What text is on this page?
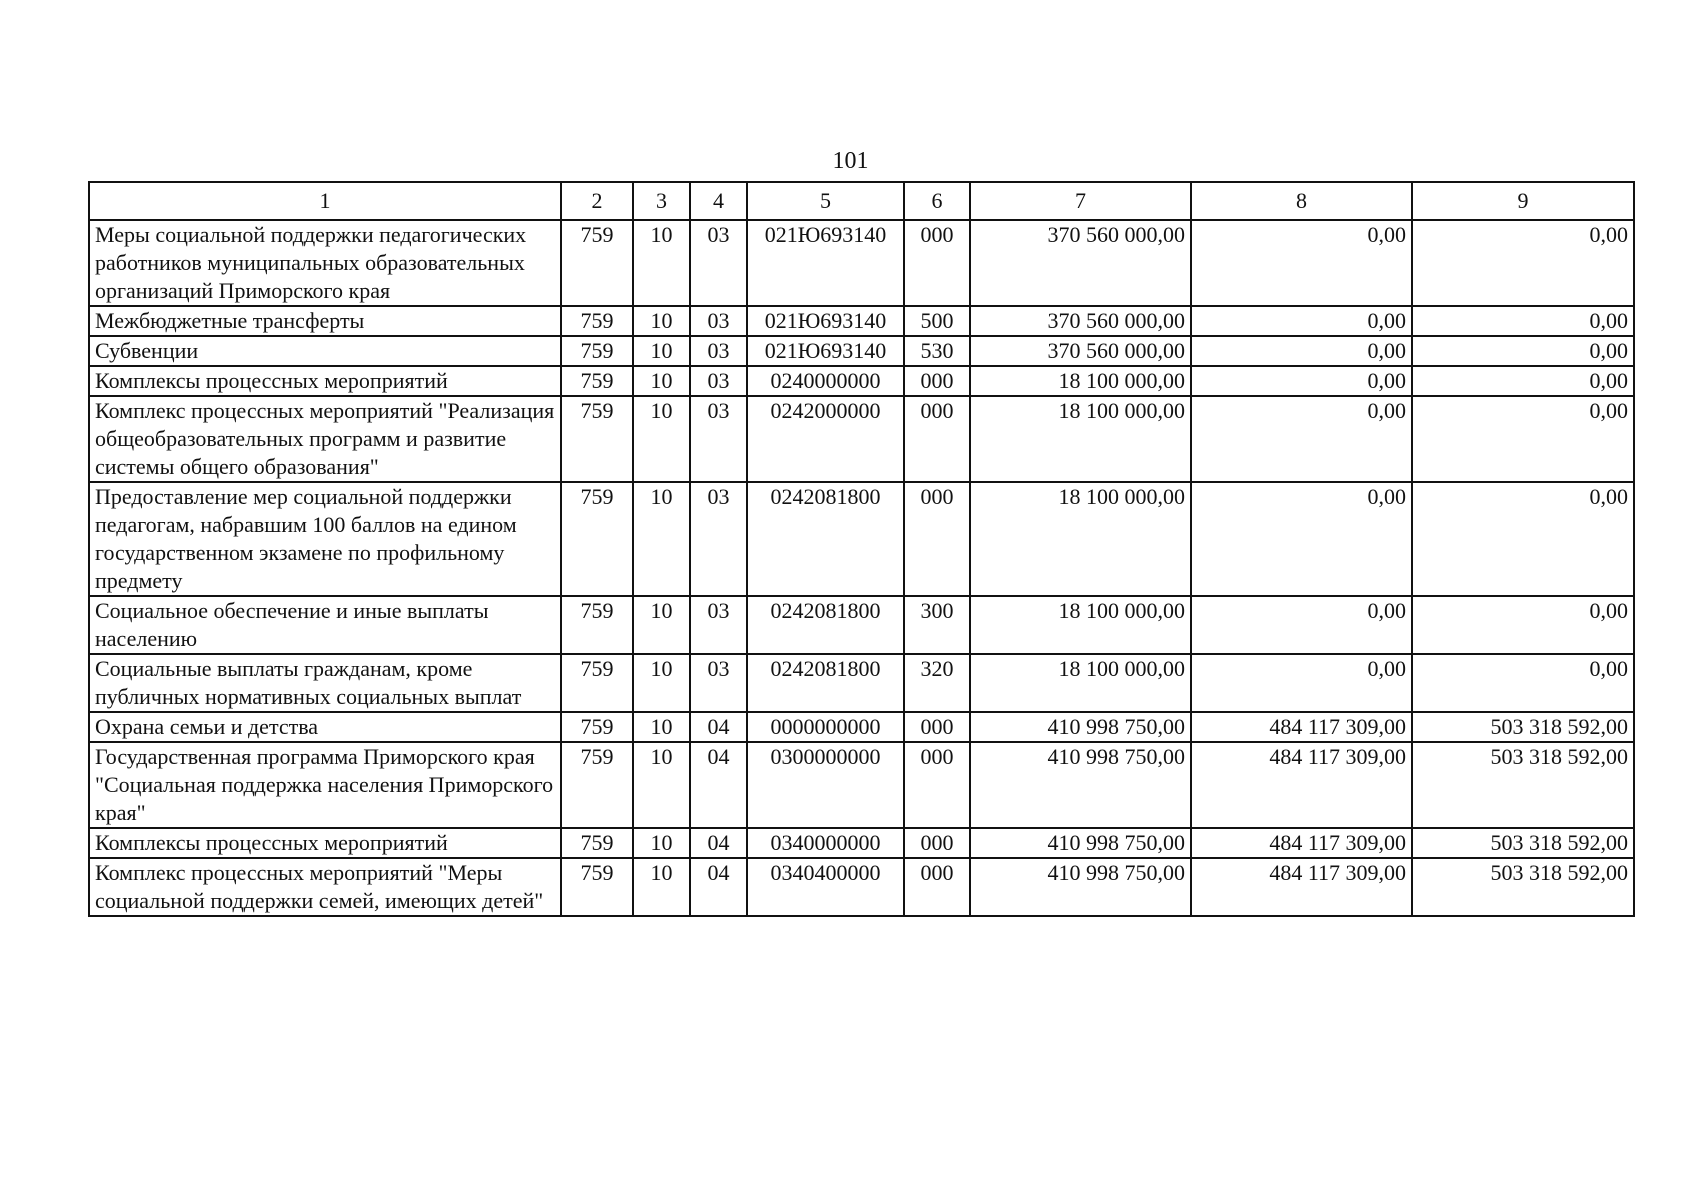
101
1	2	3	4	5	6	7	8	9
Меры социальной поддержки педагогических работников муниципальных образовательных организаций Приморского края	759	10	03	021Ю693140	000	370 560 000,00	0,00	0,00
Межбюджетные трансферты	759	10	03	021Ю693140	500	370 560 000,00	0,00	0,00
Субвенции	759	10	03	021Ю693140	530	370 560 000,00	0,00	0,00
Комплексы процессных мероприятий	759	10	03	0240000000	000	18 100 000,00	0,00	0,00
Комплекс процессных мероприятий "Реализация общеобразовательных программ и развитие системы общего образования"	759	10	03	0242000000	000	18 100 000,00	0,00	0,00
Предоставление мер социальной поддержки педагогам, набравшим 100 баллов на едином государственном экзамене по профильному предмету	759	10	03	0242081800	000	18 100 000,00	0,00	0,00
Социальное обеспечение и иные выплаты населению	759	10	03	0242081800	300	18 100 000,00	0,00	0,00
Социальные выплаты гражданам, кроме публичных нормативных социальных выплат	759	10	03	0242081800	320	18 100 000,00	0,00	0,00
Охрана семьи и детства	759	10	04	0000000000	000	410 998 750,00	484 117 309,00	503 318 592,00
Государственная программа Приморского края "Социальная поддержка населения Приморского края"	759	10	04	0300000000	000	410 998 750,00	484 117 309,00	503 318 592,00
Комплексы процессных мероприятий	759	10	04	0340000000	000	410 998 750,00	484 117 309,00	503 318 592,00
Комплекс процессных мероприятий "Меры социальной поддержки семей, имеющих детей"	759	10	04	0340400000	000	410 998 750,00	484 117 309,00	503 318 592,00
